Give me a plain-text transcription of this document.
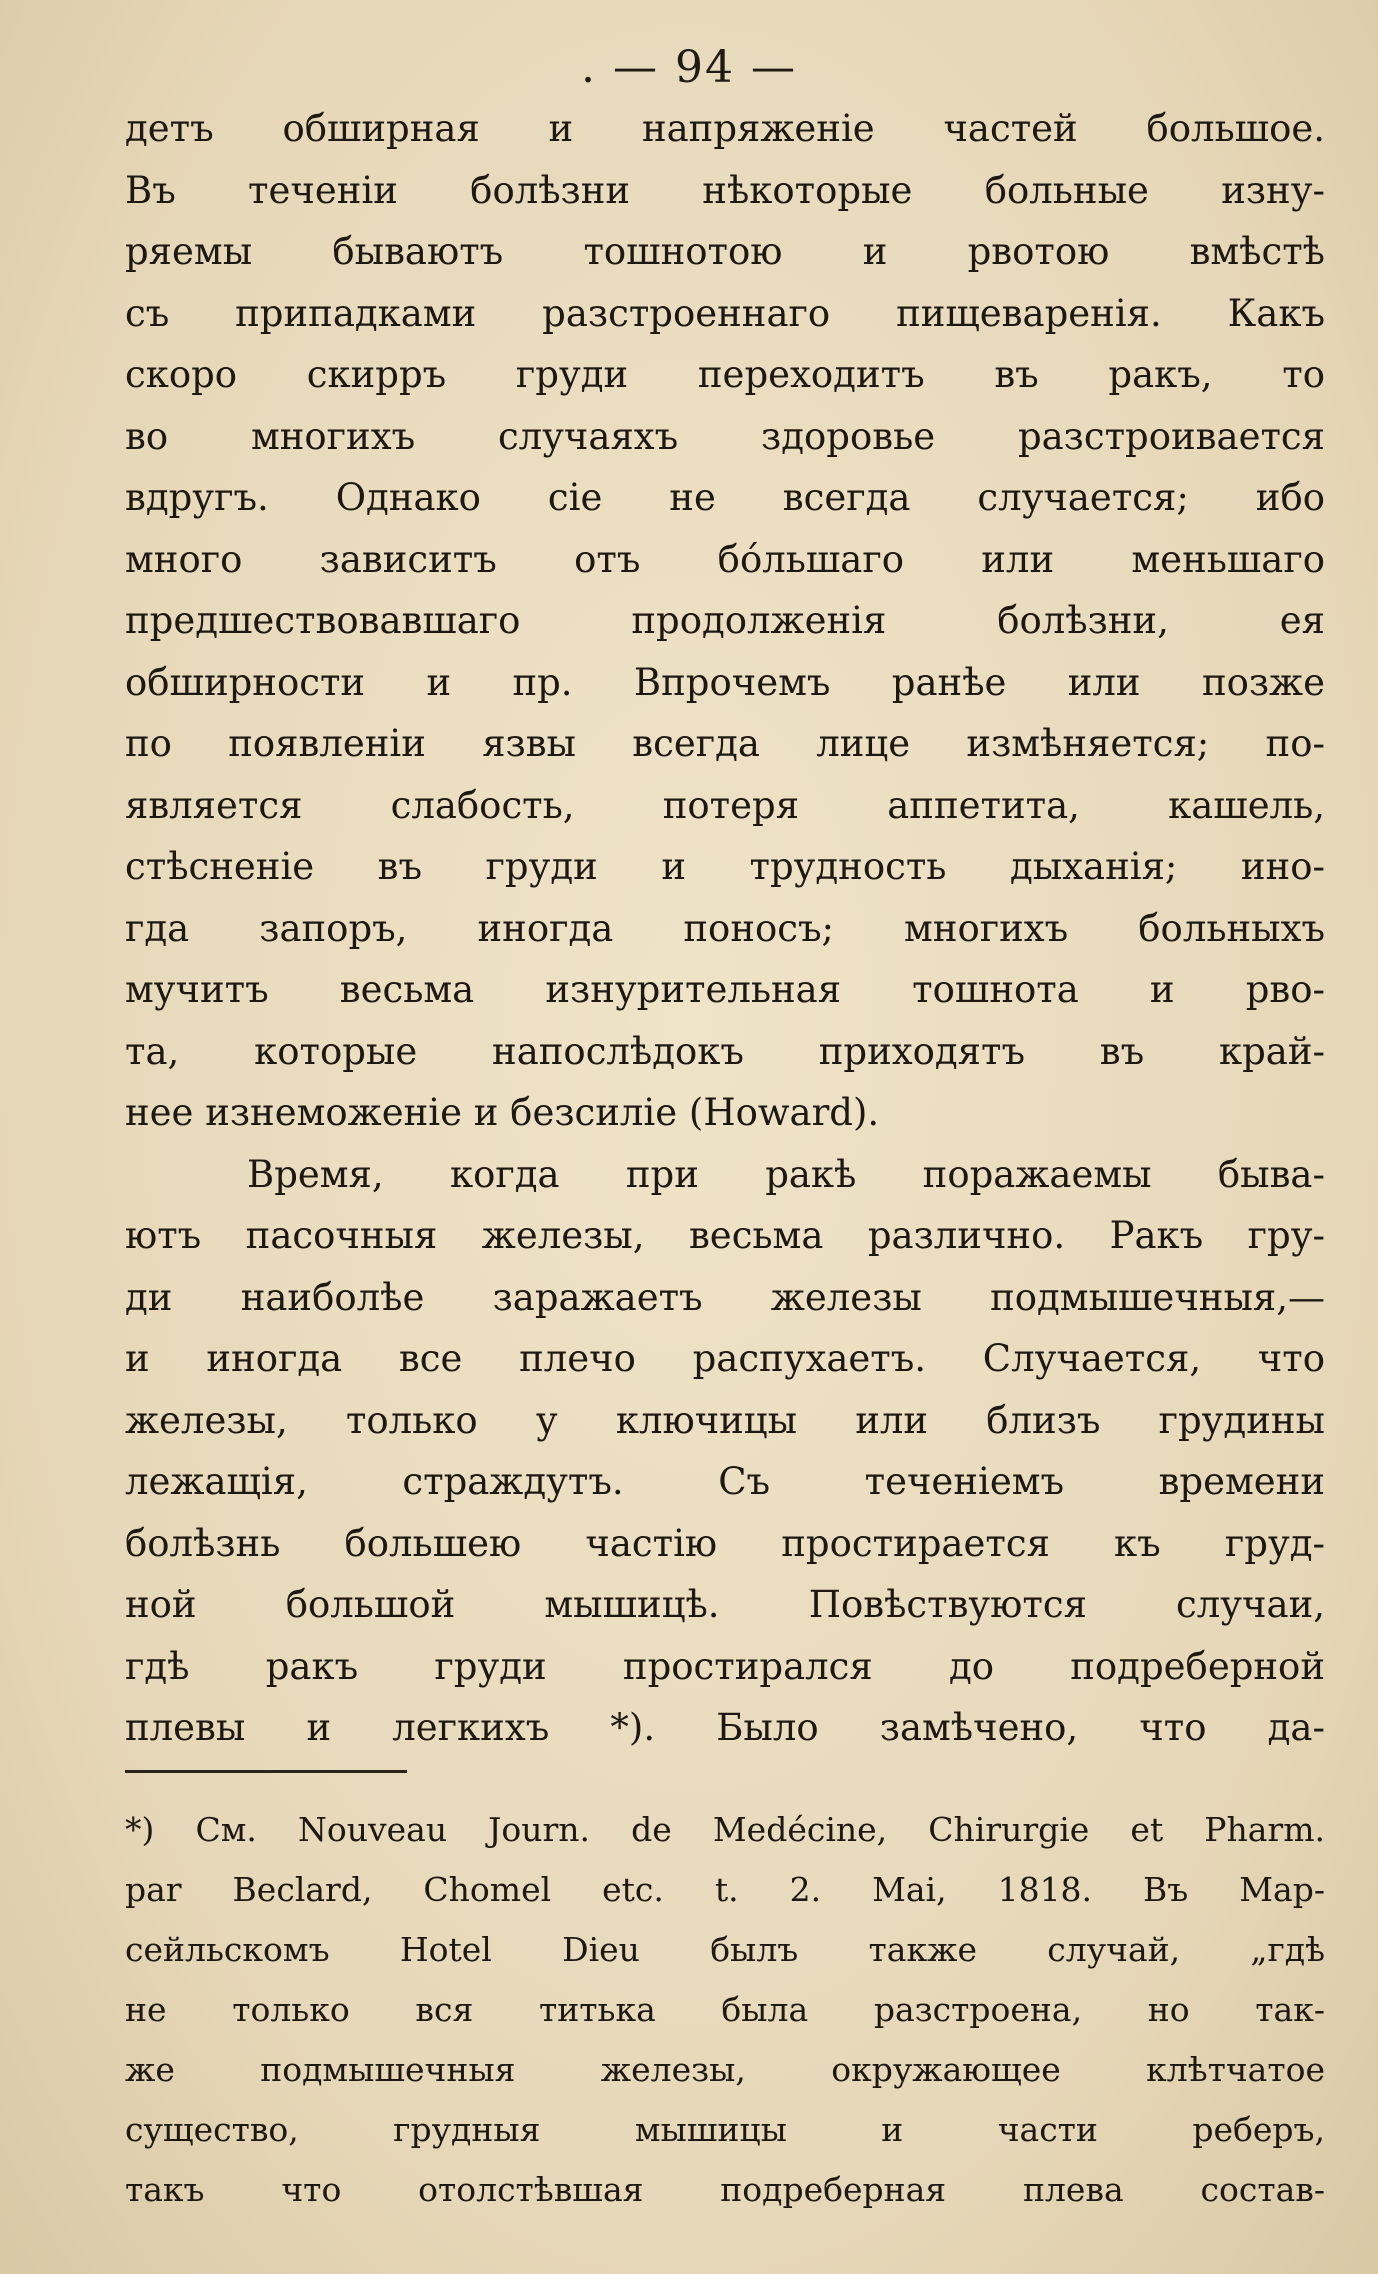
. — 94 —
детъ обширная и напряженіе частей большое.
Въ теченіи болѣзни нѣкоторые больные изну-
ряемы бываютъ тошнотою и рвотою вмѣстѣ
съ припадками разстроеннаго пищеваренія. Какъ
скоро скирръ груди переходитъ въ ракъ, то
во многихъ случаяхъ здоровье разстроивается
вдругъ. Однако сіе не всегда случается; ибо
много зависитъ отъ бо́льшаго или меньшаго
предшествовавшаго продолженія болѣзни, ея
обширности и пр. Впрочемъ ранѣе или позже
по появленіи язвы всегда лице измѣняется; по-
является слабость, потеря аппетита, кашель,
стѣсненіе въ груди и трудность дыханія; ино-
гда запоръ, иногда поносъ; многихъ больныхъ
мучитъ весьма изнурительная тошнота и рво-
та, которые напослѣдокъ приходятъ въ край-
нее изнеможеніе и безсиліе (Howard).
Время, когда при ракѣ поражаемы быва-
ютъ пасочныя железы, весьма различно. Ракъ гру-
ди наиболѣе заражаетъ железы подмышечныя,—
и иногда все плечо распухаетъ. Случается, что
железы, только у ключицы или близъ грудины
лежащія, страждутъ. Съ теченіемъ времени
болѣзнь большею частію простирается къ груд-
ной большой мышицѣ. Повѣствуются случаи,
гдѣ ракъ груди простирался до подреберной
плевы и легкихъ *). Было замѣчено, что да-
*) См. Nouveau Journ. de Medécine, Chirurgie et Pharm.
par Beclard, Chomel etc. t. 2. Mai, 1818. Въ Мар-
сейльскомъ Hotel Dieu былъ также случай, „гдѣ
не только вся титька была разстроена, но так-
же подмышечныя железы, окружающее клѣтчатое
существо, грудныя мышицы и части реберъ,
такъ что отолстѣвшая подреберная плева состав-
